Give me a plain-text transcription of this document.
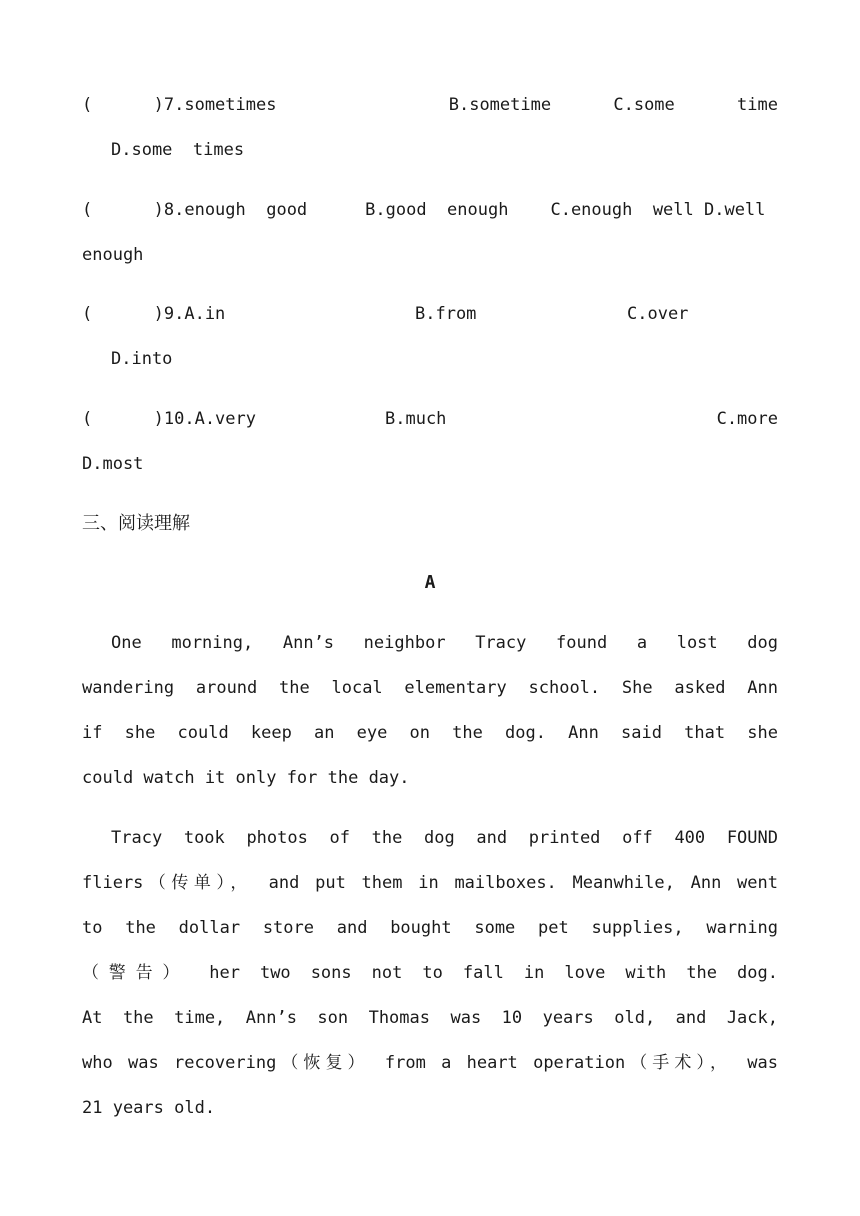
(      )7.sometimes	B.sometime	C.some	time
D.some  times
(      )8.enough  good	B.good  enough C.enough  well D.well
enough
(      )9.A.in	B.from	C.over
D.into
(      )10.A.very	B.much	C.more
D.most
三、阅读理解
A
One morning, Ann’s neighbor Tracy found a lost dog
wandering around the local elementary school. She asked Ann
if she could keep an eye on the dog. Ann said that she
could watch it only for the day.
Tracy took photos of the dog and printed off 400 FOUND
fliers（传单）， and put them in mailboxes. Meanwhile, Ann went
to the dollar store and bought some pet supplies, warning
（警告） her two sons not to fall in love with the dog.
At the time, Ann’s son Thomas was 10 years old, and Jack,
who was recovering（恢复） from a heart operation（手术）， was
21 years old.
